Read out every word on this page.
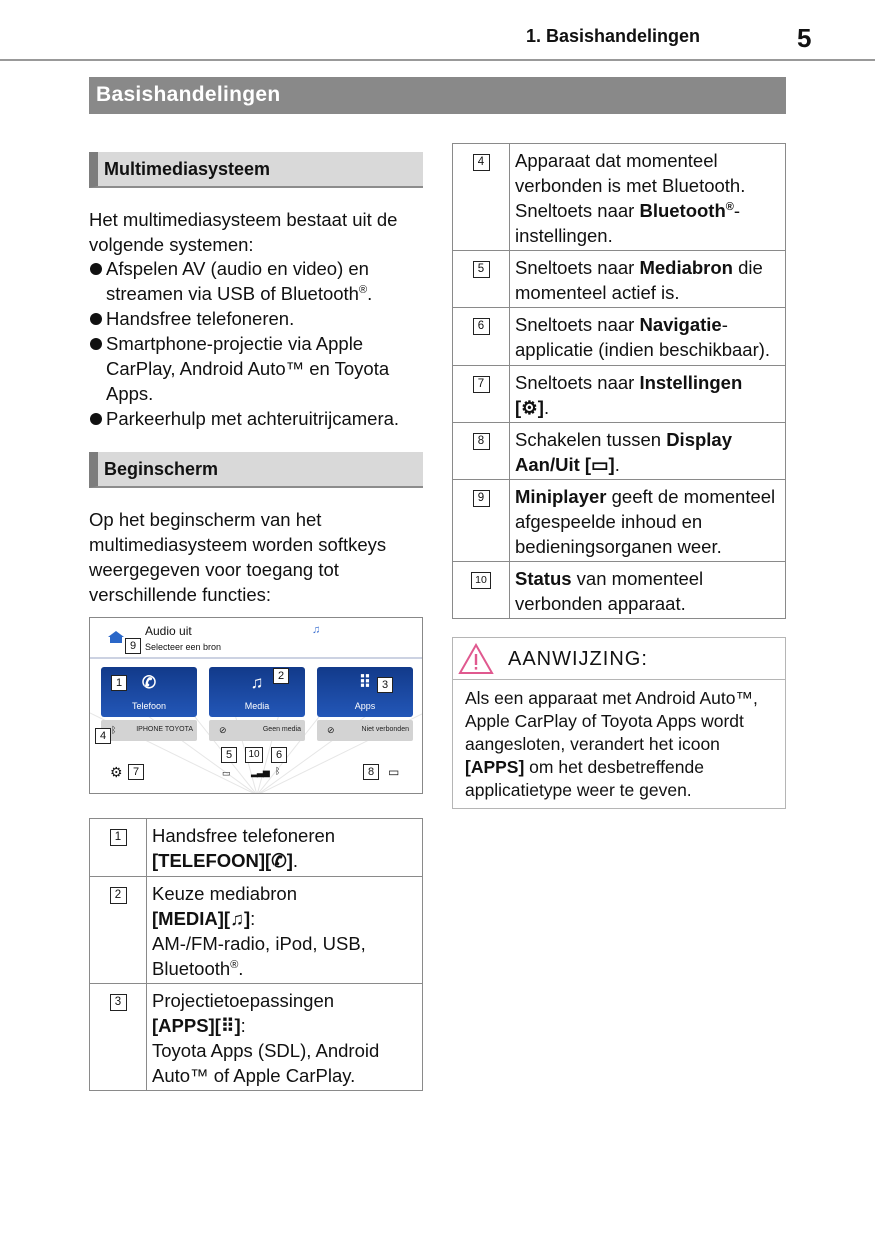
1. Basishandelingen	5
Basishandelingen
Multimediasysteem
Het multimediasysteem bestaat uit de volgende systemen:
Afspelen AV (audio en video) en streamen via USB of Bluetooth®.
Handsfree telefoneren.
Smartphone-projectie via Apple CarPlay, Android Auto™ en Toyota Apps.
Parkeerhulp met achteruitrijcamera.
Beginscherm
Op het beginscherm van het multimediasysteem worden softkeys weergegeven voor toegang tot verschillende functies:
Audio uit
Selecteer een bron
♫
✆
Telefoon
♫
Media
⠿
Apps
ᛒ	IPHONE TOYOTA	⊘	Geen media	⊘	Niet verbonden
⚙	▭ ▂▃▅ ᛒ	▭
1
2
3
4
5	10	6
7	8
9
1	Handsfree telefoneren
[TELEFOON][✆].

2	Keuze mediabron
[MEDIA][♫]:
AM-/FM-radio, iPod, USB, Bluetooth®.

3	Projectietoepassingen
[APPS][⠿]:
Toyota Apps (SDL), Android Auto™ of Apple CarPlay.
4	Apparaat dat momenteel verbonden is met Bluetooth. Sneltoets naar Bluetooth®-instellingen.

5	Sneltoets naar Mediabron die momenteel actief is.

6	Sneltoets naar Navigatie-applicatie (indien beschikbaar).

7	Sneltoets naar Instellingen [⚙].

8	Schakelen tussen Display Aan/Uit [▭].

9	Miniplayer geeft de momenteel afgespeelde inhoud en bedieningsorganen weer.

10	Status van momenteel verbonden apparaat.
AANWIJZING:
Als een apparaat met Android Auto™, Apple CarPlay of Toyota Apps wordt aangesloten, verandert het icoon [APPS] om het desbetreffende applicatietype weer te geven.
